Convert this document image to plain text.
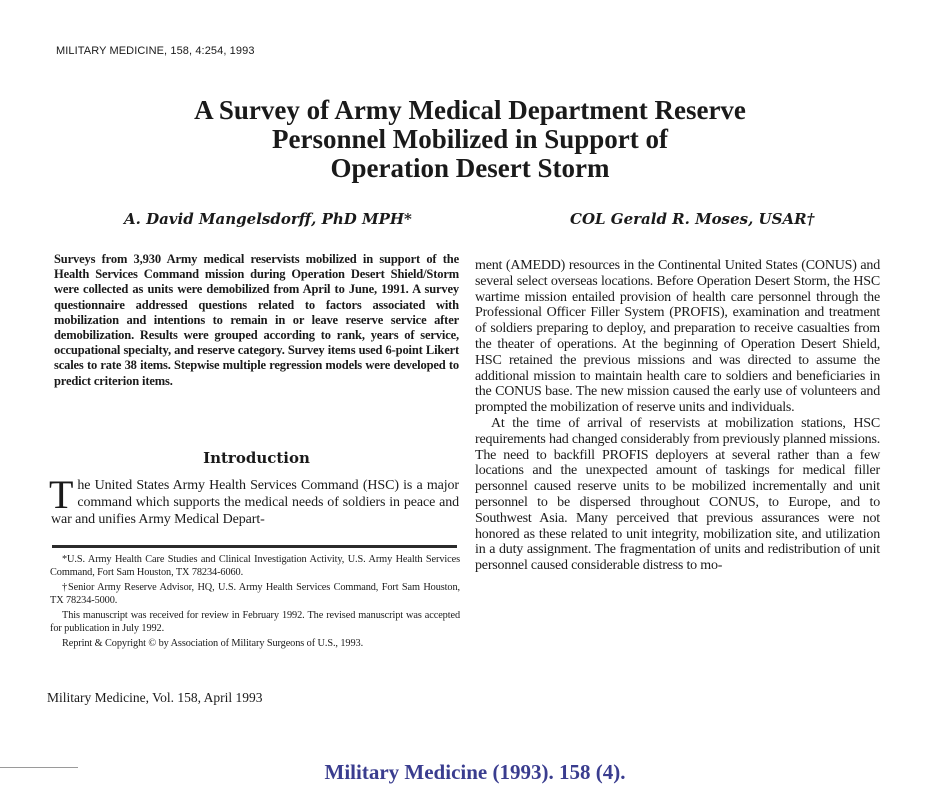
MILITARY MEDICINE, 158, 4:254, 1993
A Survey of Army Medical Department Reserve
Personnel Mobilized in Support of
Operation Desert Storm
A. David Mangelsdorff, PhD MPH*	COL Gerald R. Moses, USAR†
Surveys from 3,930 Army medical reservists mobilized in support of the Health Services Command mission during Operation Desert Shield/Storm were collected as units were demobilized from April to June, 1991. A survey questionnaire addressed questions related to factors associated with mobilization and intentions to remain in or leave reserve service after demobilization. Results were grouped according to rank, years of service, occupational specialty, and reserve category. Survey items used 6-point Likert scales to rate 38 items. Stepwise multiple regression models were developed to predict criterion items.
Introduction
The United States Army Health Services Command (HSC) is a major command which supports the medical needs of soldiers in peace and war and unifies Army Medical Depart-

*U.S. Army Health Care Studies and Clinical Investigation Activity, U.S. Army Health Services Command, Fort Sam Houston, TX 78234-6060.

†Senior Army Reserve Advisor, HQ, U.S. Army Health Services Command, Fort Sam Houston, TX 78234-5000.

This manuscript was received for review in February 1992. The revised manuscript was accepted for publication in July 1992.

Reprint & Copyright © by Association of Military Surgeons of U.S., 1993.

ment (AMEDD) resources in the Continental United States (CONUS) and several select overseas locations. Before Operation Desert Storm, the HSC wartime mission entailed provision of health care personnel through the Professional Officer Filler System (PROFIS), examination and treatment of soldiers preparing to deploy, and preparation to receive casualties from the theater of operations. At the beginning of Operation Desert Shield, HSC retained the previous missions and was directed to assume the additional mission to maintain health care to soldiers and beneficiaries in the CONUS base. The new mission caused the early use of volunteers and prompted the mobilization of reserve units and individuals.

At the time of arrival of reservists at mobilization stations, HSC requirements had changed considerably from previously planned missions. The need to backfill PROFIS deployers at several rather than a few locations and the unexpected amount of taskings for medical filler personnel caused reserve units to be mobilized incrementally and unit personnel to be dispersed throughout CONUS, to Europe, and to Southwest Asia. Many perceived that previous assurances were not honored as these related to unit integrity, mobilization site, and utilization in a duty assignment. The fragmentation of units and redistribution of unit personnel caused considerable distress to mo-

Military Medicine, Vol. 158, April 1993
Military Medicine (1993). 158 (4).
